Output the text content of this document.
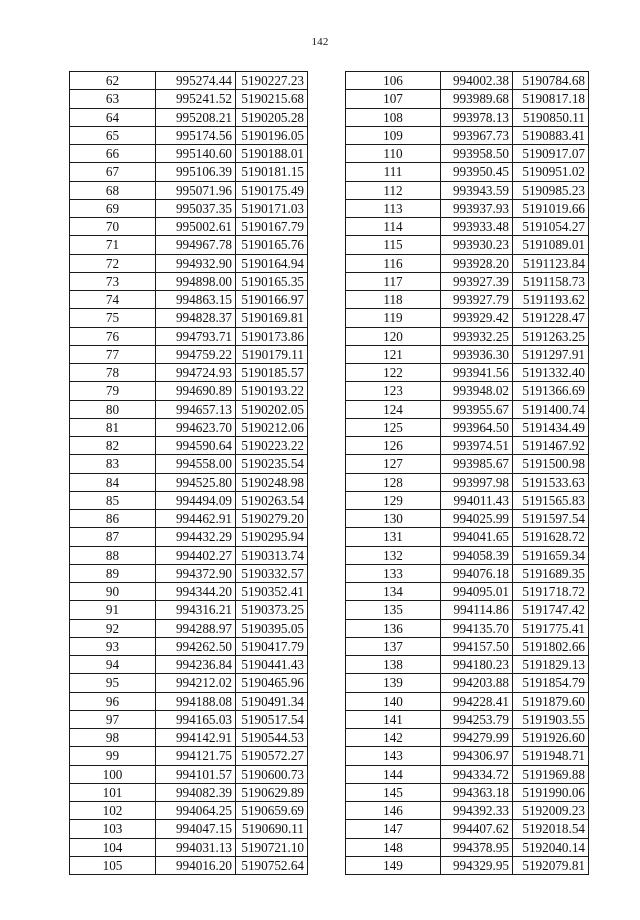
142
62	995274.44	5190227.23
63	995241.52	5190215.68
64	995208.21	5190205.28
65	995174.56	5190196.05
66	995140.60	5190188.01
67	995106.39	5190181.15
68	995071.96	5190175.49
69	995037.35	5190171.03
70	995002.61	5190167.79
71	994967.78	5190165.76
72	994932.90	5190164.94
73	994898.00	5190165.35
74	994863.15	5190166.97
75	994828.37	5190169.81
76	994793.71	5190173.86
77	994759.22	5190179.11
78	994724.93	5190185.57
79	994690.89	5190193.22
80	994657.13	5190202.05
81	994623.70	5190212.06
82	994590.64	5190223.22
83	994558.00	5190235.54
84	994525.80	5190248.98
85	994494.09	5190263.54
86	994462.91	5190279.20
87	994432.29	5190295.94
88	994402.27	5190313.74
89	994372.90	5190332.57
90	994344.20	5190352.41
91	994316.21	5190373.25
92	994288.97	5190395.05
93	994262.50	5190417.79
94	994236.84	5190441.43
95	994212.02	5190465.96
96	994188.08	5190491.34
97	994165.03	5190517.54
98	994142.91	5190544.53
99	994121.75	5190572.27
100	994101.57	5190600.73
101	994082.39	5190629.89
102	994064.25	5190659.69
103	994047.15	5190690.11
104	994031.13	5190721.10
105	994016.20	5190752.64
106	994002.38	5190784.68
107	993989.68	5190817.18
108	993978.13	5190850.11
109	993967.73	5190883.41
110	993958.50	5190917.07
111	993950.45	5190951.02
112	993943.59	5190985.23
113	993937.93	5191019.66
114	993933.48	5191054.27
115	993930.23	5191089.01
116	993928.20	5191123.84
117	993927.39	5191158.73
118	993927.79	5191193.62
119	993929.42	5191228.47
120	993932.25	5191263.25
121	993936.30	5191297.91
122	993941.56	5191332.40
123	993948.02	5191366.69
124	993955.67	5191400.74
125	993964.50	5191434.49
126	993974.51	5191467.92
127	993985.67	5191500.98
128	993997.98	5191533.63
129	994011.43	5191565.83
130	994025.99	5191597.54
131	994041.65	5191628.72
132	994058.39	5191659.34
133	994076.18	5191689.35
134	994095.01	5191718.72
135	994114.86	5191747.42
136	994135.70	5191775.41
137	994157.50	5191802.66
138	994180.23	5191829.13
139	994203.88	5191854.79
140	994228.41	5191879.60
141	994253.79	5191903.55
142	994279.99	5191926.60
143	994306.97	5191948.71
144	994334.72	5191969.88
145	994363.18	5191990.06
146	994392.33	5192009.23
147	994407.62	5192018.54
148	994378.95	5192040.14
149	994329.95	5192079.81
